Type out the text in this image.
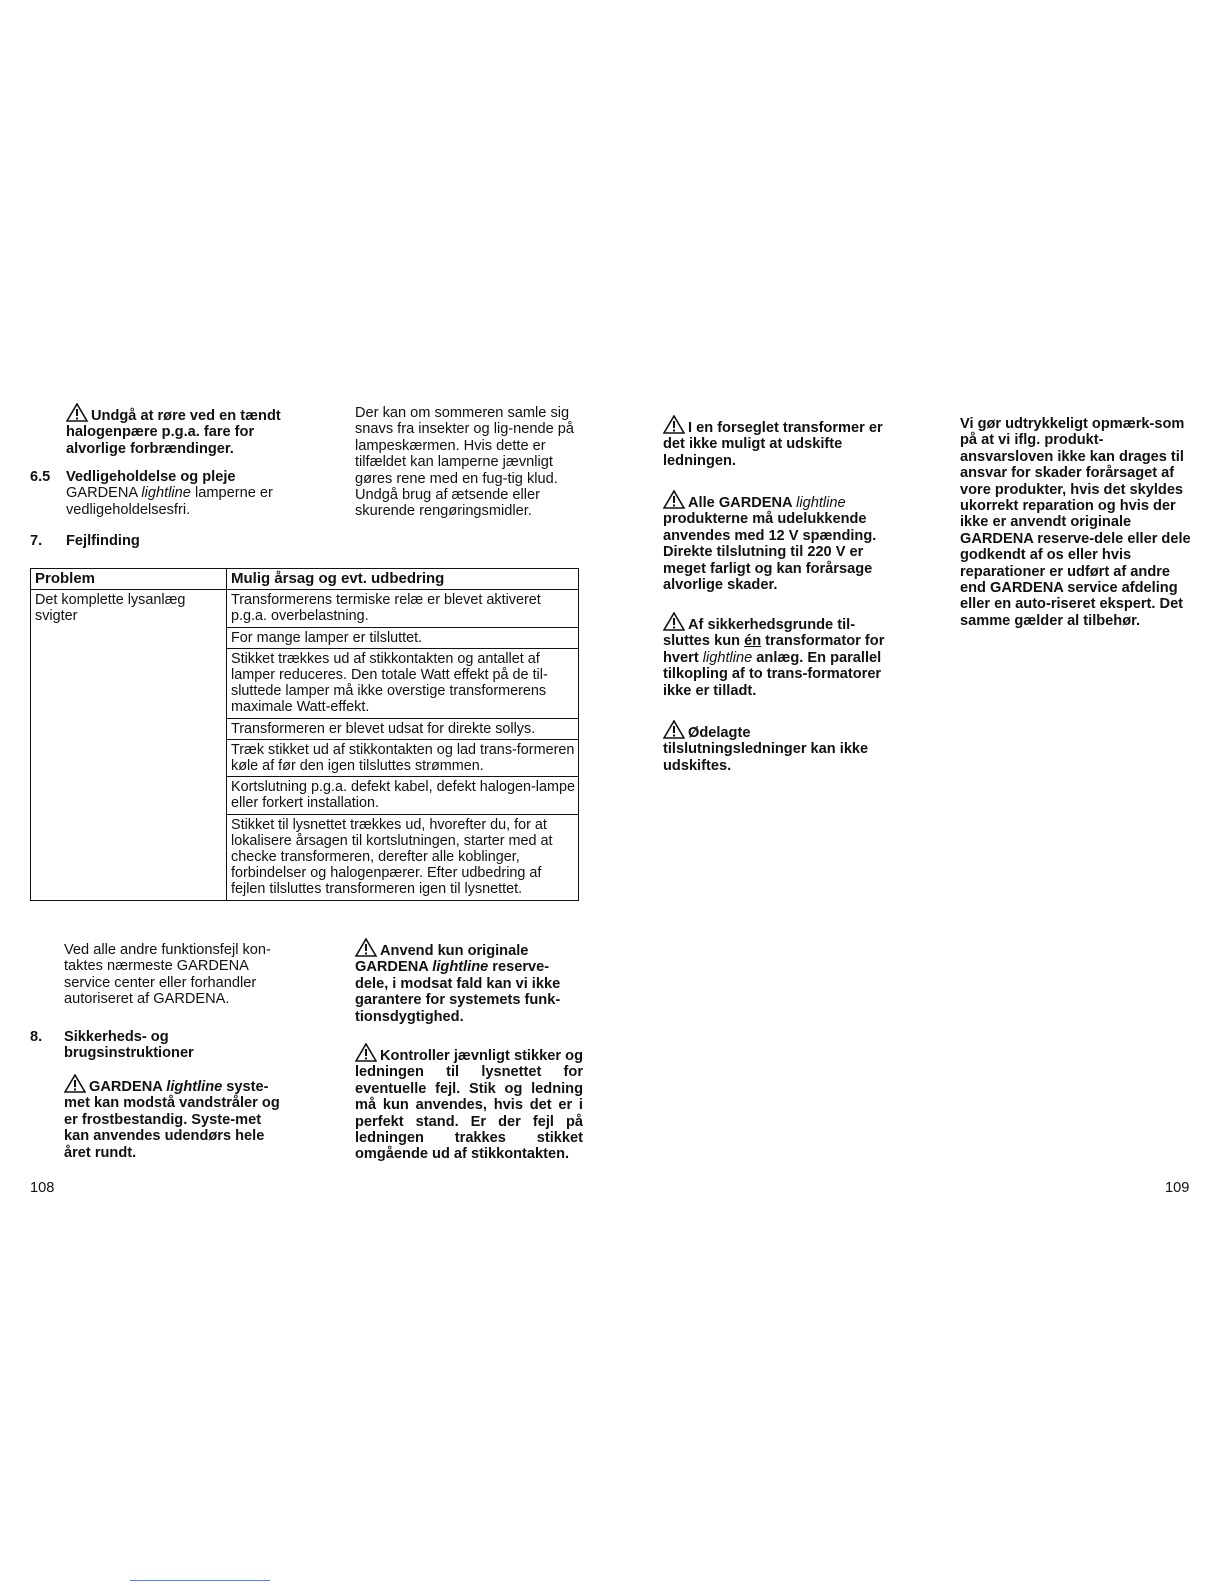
Undgå at røre ved en tændt halogenpære p.g.a. fare for alvorlige forbrændinger.
Der kan om sommeren samle sig snavs fra insekter og lig-nende på lampeskærmen. Hvis dette er tilfældet kan lamperne jævnligt gøres rene med en fug-tig klud. Undgå brug af ætsende eller skurende rengøringsmidler.
6.5 Vedligeholdelse og pleje
GARDENA lightline lamperne er vedligeholdelsesfri.
7. Fejlfinding
Problem	Mulig årsag og evt. udbedring
Det komplette lysanlæg svigter	Transformerens termiske relæ er blevet aktiveret p.g.a. overbelastning.
	For mange lamper er tilsluttet.
	Stikket trækkes ud af stikkontakten og antallet af lamper reduceres. Den totale Watt effekt på de til-sluttede lamper må ikke overstige transformerens maximale Watt-effekt.
	Transformeren er blevet udsat for direkte sollys.
	Træk stikket ud af stikkontakten og lad trans-formeren køle af før den igen tilsluttes strømmen.
	Kortslutning p.g.a. defekt kabel, defekt halogen-lampe eller forkert installation.
	Stikket til lysnettet trækkes ud, hvorefter du, for at lokalisere årsagen til kortslutningen, starter med at checke transformeren, derefter alle koblinger, forbindelser og halogenpærer. Efter udbedring af fejlen tilsluttes transformeren igen til lysnettet.
Ved alle andre funktionsfejl kon-taktes nærmeste GARDENA service center eller forhandler autoriseret af GARDENA.
8. Sikkerheds- og brugsinstruktioner
GARDENA lightline syste-met kan modstå vandstråler og er frostbestandig. Syste-met kan anvendes udendørs hele året rundt.
Anvend kun originale GARDENA lightline reserve-dele, i modsat fald kan vi ikke garantere for systemets funk-tionsdygtighed.
Kontroller jævnligt stikker og ledningen til lysnettet for eventuelle fejl. Stik og ledning må kun anvendes, hvis det er i perfekt stand. Er der fejl på ledningen trakkes stikket omgående ud af stikkontakten.
108
I en forseglet transformer er det ikke muligt at udskifte ledningen.
Alle GARDENA lightline produkterne må udelukkende anvendes med 12 V spænding. Direkte tilslutning til 220 V er meget farligt og kan forårsage alvorlige skader.
Af sikkerhedsgrunde til-sluttes kun én transformator for hvert lightline anlæg. En parallel tilkopling af to trans-formatorer ikke er tilladt.
Ødelagte tilslutningsledninger kan ikke udskiftes.
Vi gør udtrykkeligt opmærk-som på at vi iflg. produkt-ansvarsloven ikke kan drages til ansvar for skader forårsaget af vore produkter, hvis det skyldes ukorrekt reparation og hvis der ikke er anvendt originale GARDENA reserve-dele eller dele godkendt af os eller hvis reparationer er udført af andre end GARDENA service afdeling eller en auto-riseret ekspert. Det samme gælder al tilbehør.
109
